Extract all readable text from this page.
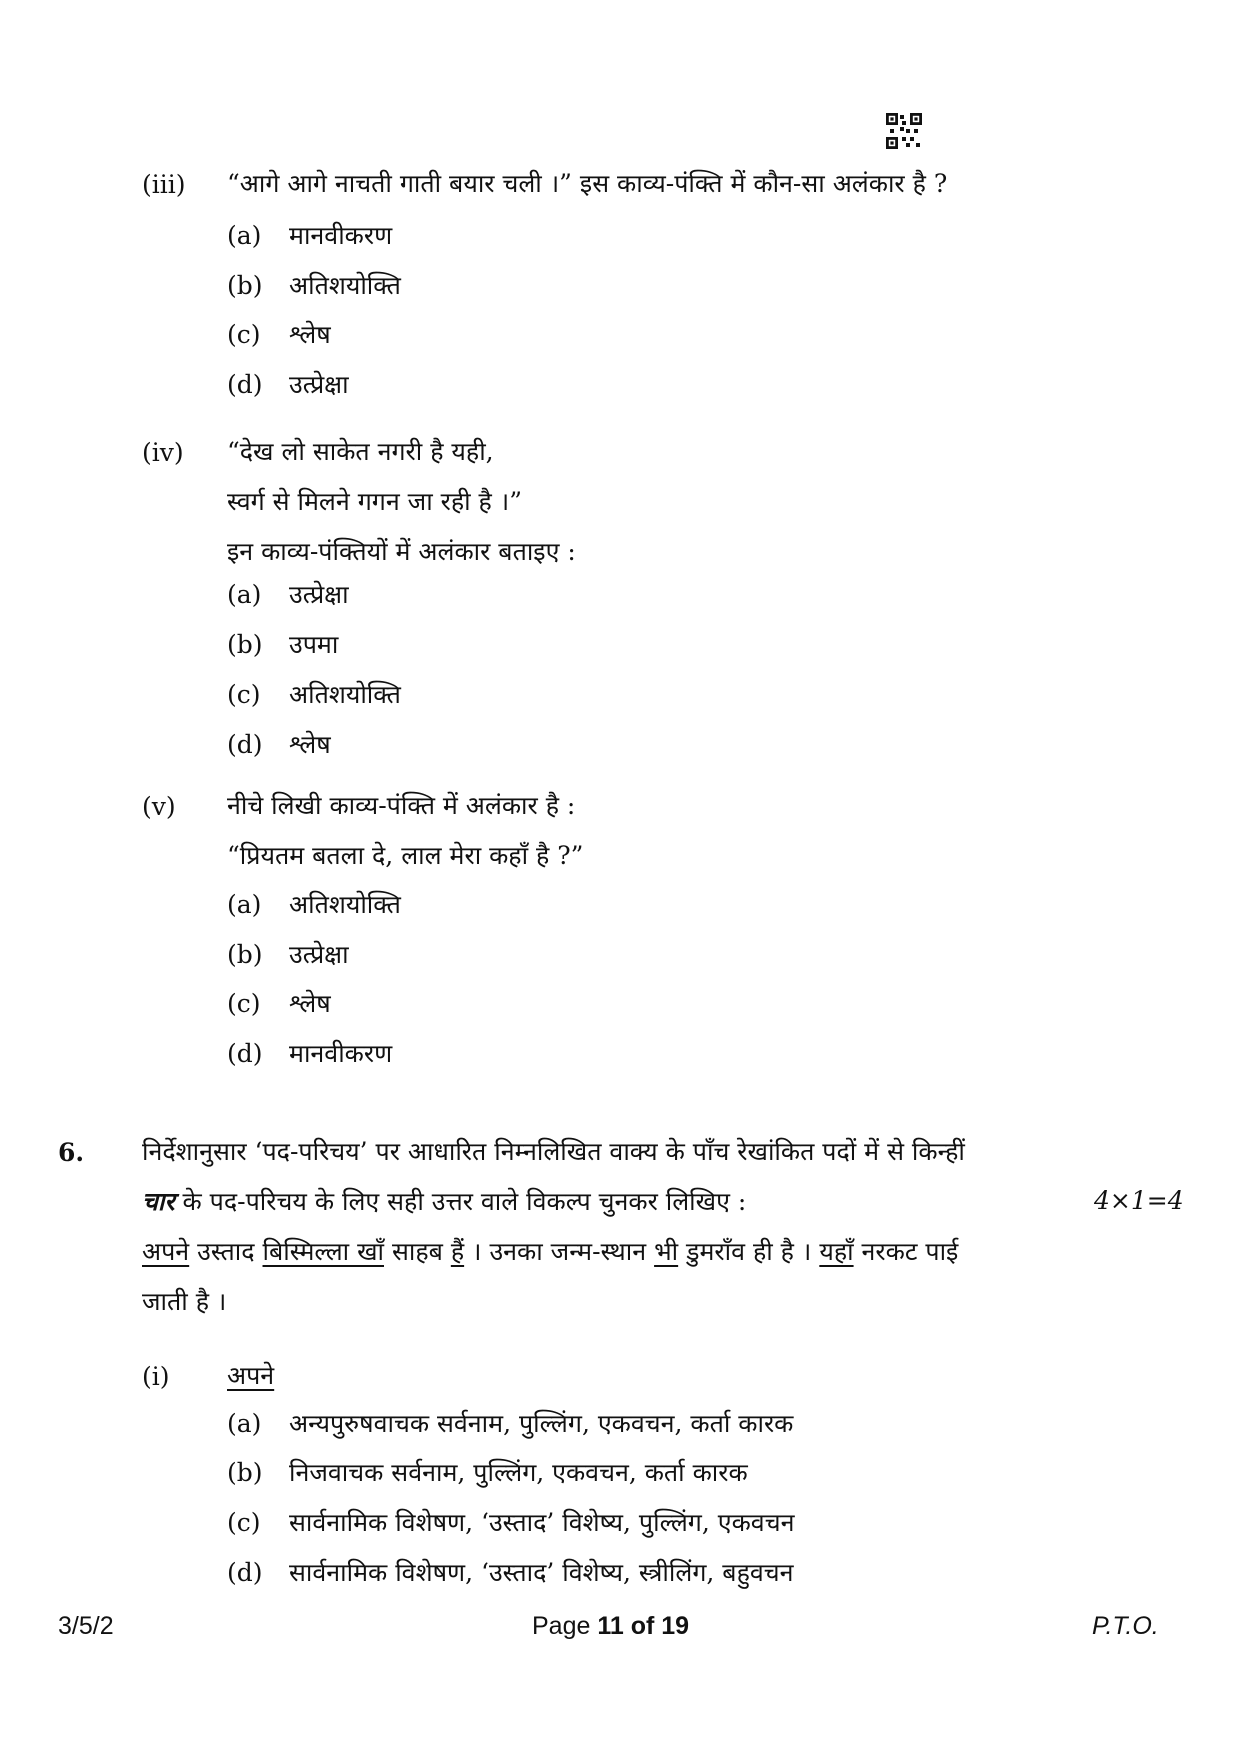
(iii) “आगे आगे नाचती गाती बयार चली ।” इस काव्य-पंक्ति में कौन-सा अलंकार है ?
(a) मानवीकरण
(b) अतिशयोक्ति
(c) श्लेष
(d) उत्प्रेक्षा
(iv) “देख लो साकेत नगरी है यही,
स्वर्ग से मिलने गगन जा रही है ।”
इन काव्य-पंक्तियों में अलंकार बताइए :
(a) उत्प्रेक्षा
(b) उपमा
(c) अतिशयोक्ति
(d) श्लेष
(v) नीचे लिखी काव्य-पंक्ति में अलंकार है :
“प्रियतम बतला दे, लाल मेरा कहाँ है ?”
(a) अतिशयोक्ति
(b) उत्प्रेक्षा
(c) श्लेष
(d) मानवीकरण
6. निर्देशानुसार ‘पद-परिचय’ पर आधारित निम्नलिखित वाक्य के पाँच रेखांकित पदों में से किन्हीं
चार के पद-परिचय के लिए सही उत्तर वाले विकल्प चुनकर लिखिए :	4×1=4
अपने उस्ताद बिस्मिल्ला खाँ साहब हैं । उनका जन्म-स्थान भी डुमराँव ही है । यहाँ नरकट पाई
जाती है ।
(i) अपने
(a) अन्यपुरुषवाचक सर्वनाम, पुल्लिंग, एकवचन, कर्ता कारक
(b) निजवाचक सर्वनाम, पुल्लिंग, एकवचन, कर्ता कारक
(c) सार्वनामिक विशेषण, ‘उस्ताद’ विशेष्य, पुल्लिंग, एकवचन
(d) सार्वनामिक विशेषण, ‘उस्ताद’ विशेष्य, स्त्रीलिंग, बहुवचन
3/5/2	Page 11 of 19	P.T.O.
